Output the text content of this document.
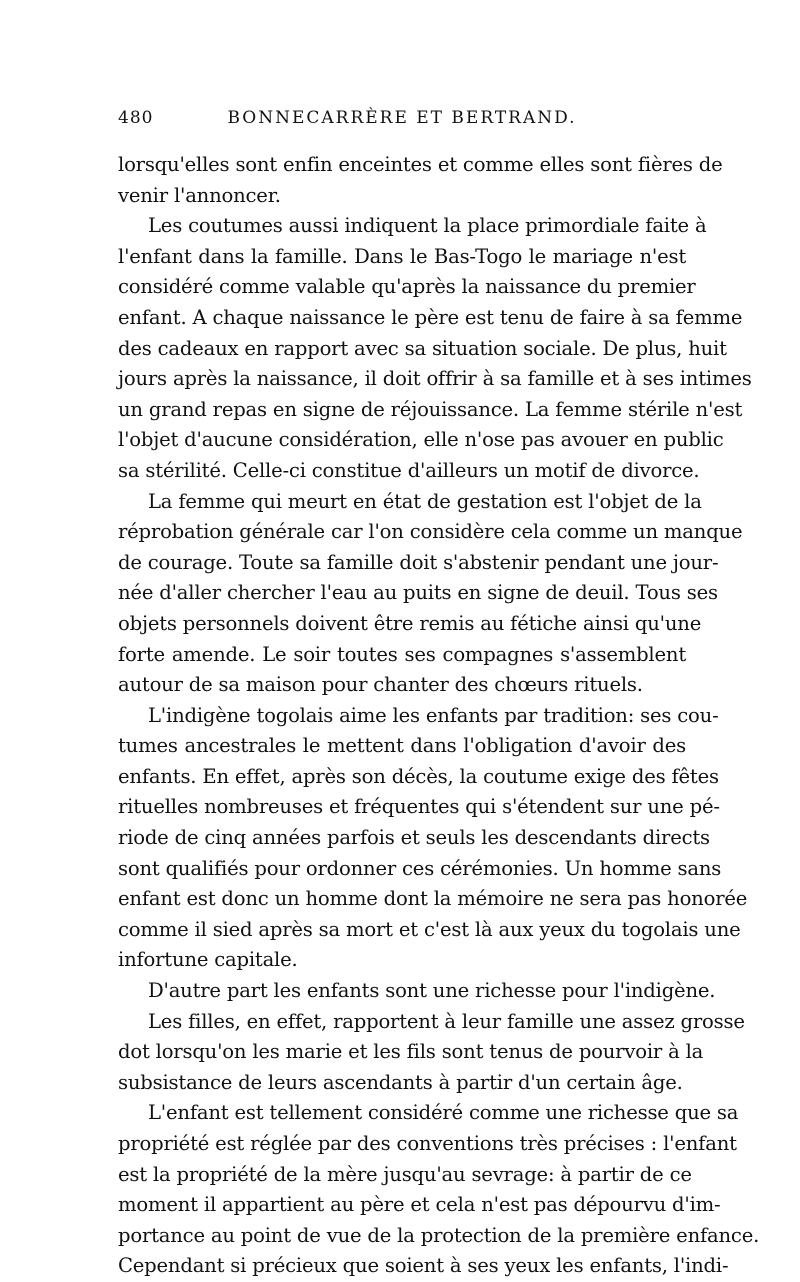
480	BONNECARRÈRE ET BERTRAND.
lorsqu'elles sont enfin enceintes et comme elles sont fières de
venir l'annoncer.
Les coutumes aussi indiquent la place primordiale faite à
l'enfant dans la famille. Dans le Bas-Togo le mariage n'est
considéré comme valable qu'après la naissance du premier
enfant. A chaque naissance le père est tenu de faire à sa femme
des cadeaux en rapport avec sa situation sociale. De plus, huit
jours après la naissance, il doit offrir à sa famille et à ses intimes
un grand repas en signe de réjouissance. La femme stérile n'est
l'objet d'aucune considération, elle n'ose pas avouer en public
sa stérilité. Celle-ci constitue d'ailleurs un motif de divorce.
La femme qui meurt en état de gestation est l'objet de la
réprobation générale car l'on considère cela comme un manque
de courage. Toute sa famille doit s'abstenir pendant une jour-
née d'aller chercher l'eau au puits en signe de deuil. Tous ses
objets personnels doivent être remis au fétiche ainsi qu'une
forte amende. Le soir toutes ses compagnes s'assemblent
autour de sa maison pour chanter des chœurs rituels.
L'indigène togolais aime les enfants par tradition: ses cou-
tumes ancestrales le mettent dans l'obligation d'avoir des
enfants. En effet, après son décès, la coutume exige des fêtes
rituelles nombreuses et fréquentes qui s'étendent sur une pé-
riode de cinq années parfois et seuls les descendants directs
sont qualifiés pour ordonner ces cérémonies. Un homme sans
enfant est donc un homme dont la mémoire ne sera pas honorée
comme il sied après sa mort et c'est là aux yeux du togolais une
infortune capitale.
D'autre part les enfants sont une richesse pour l'indigène.
Les filles, en effet, rapportent à leur famille une assez grosse
dot lorsqu'on les marie et les fils sont tenus de pourvoir à la
subsistance de leurs ascendants à partir d'un certain âge.
L'enfant est tellement considéré comme une richesse que sa
propriété est réglée par des conventions très précises : l'enfant
est la propriété de la mère jusqu'au sevrage: à partir de ce
moment il appartient au père et cela n'est pas dépourvu d'im-
portance au point de vue de la protection de la première enfance.
Cependant si précieux que soient à ses yeux les enfants, l'indi-
